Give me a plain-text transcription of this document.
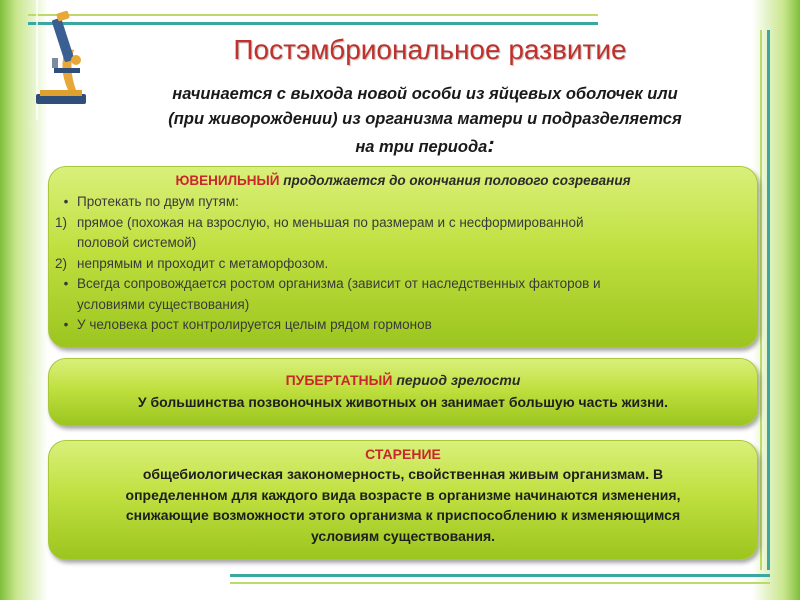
Постэмбриональное развитие
начинается с выхода новой особи из яйцевых оболочек или
(при живорождении) из организма матери и подразделяется
на три периода:
ЮВЕНИЛЬНЫЙ продолжается до окончания полового созревания
• Протекать по двум путям:
1) прямое (похожая на взрослую, но меньшая по размерам и с несформированной
половой системой)
2) непрямым и проходит с метаморфозом.
• Всегда сопровождается ростом организма (зависит от наследственных факторов и
условиями существования)
• У человека рост контролируется целым рядом гормонов
ПУБЕРТАТНЫЙ период зрелости
У большинства позвоночных животных он занимает большую часть жизни.
СТАРЕНИЕ
общебиологическая закономерность, свойственная живым организмам. В
определенном для каждого вида возрасте в организме начинаются изменения,
снижающие возможности этого организма к приспособлению к изменяющимся
условиям существования.
